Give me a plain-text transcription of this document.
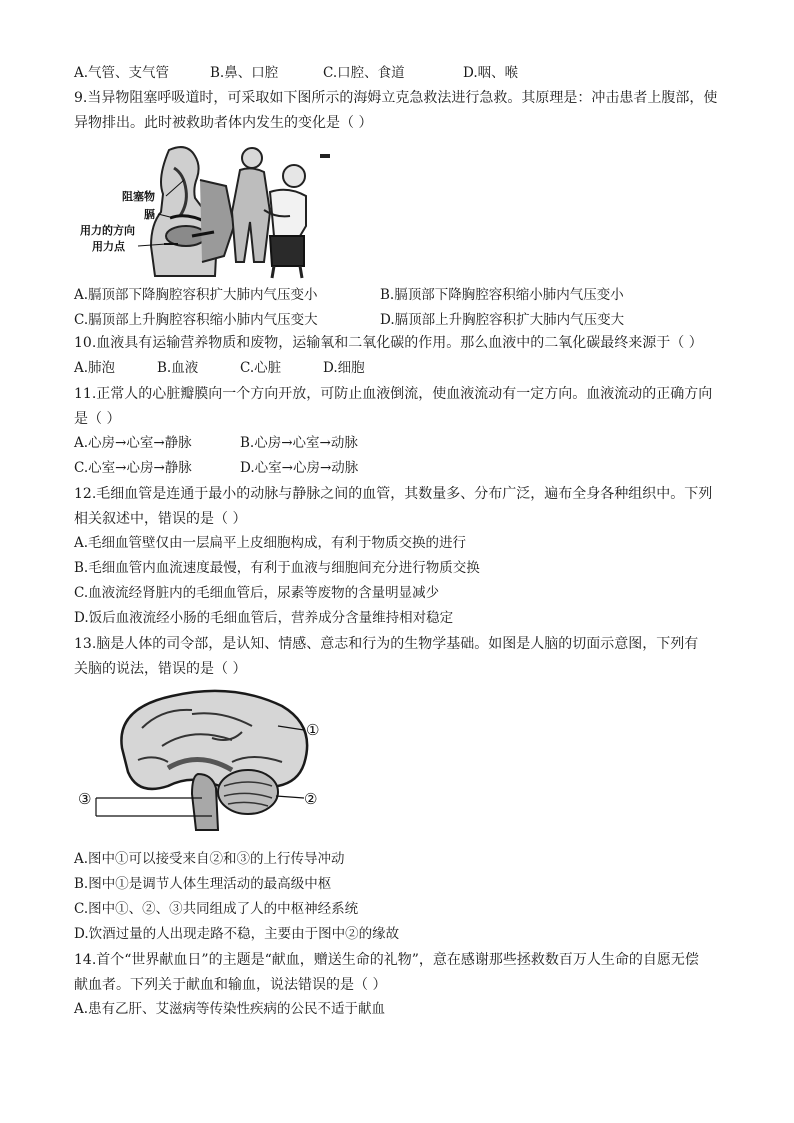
A.气管、支气管	B.鼻、口腔	C.口腔、食道	D.咽、喉
9.当异物阻塞呼吸道时，可采取如下图所示的海姆立克急救法进行急救。其原理是：冲击患者上腹部，使
异物排出。此时被救助者体内发生的变化是（ ）
阻塞物
膈
用力的方向
用力点
A.膈顶部下降胸腔容积扩大肺内气压变小	B.膈顶部下降胸腔容积缩小肺内气压变小
C.膈顶部上升胸腔容积缩小肺内气压变大	D.膈顶部上升胸腔容积扩大肺内气压变大
10.血液具有运输营养物质和废物，运输氧和二氧化碳的作用。那么血液中的二氧化碳最终来源于（ ）
A.肺泡	B.血液	C.心脏	D.细胞
11.正常人的心脏瓣膜向一个方向开放，可防止血液倒流，使血液流动有一定方向。血液流动的正确方向
是（ ）
A.心房→心室→静脉	B.心房→心室→动脉
C.心室→心房→静脉	D.心室→心房→动脉
12.毛细血管是连通于最小的动脉与静脉之间的血管，其数量多、分布广泛，遍布全身各种组织中。下列
相关叙述中，错误的是（ ）
A.毛细血管壁仅由一层扁平上皮细胞构成，有利于物质交换的进行
B.毛细血管内血流速度最慢，有利于血液与细胞间充分进行物质交换
C.血液流经肾脏内的毛细血管后，尿素等废物的含量明显减少
D.饭后血液流经小肠的毛细血管后，营养成分含量维持相对稳定
13.脑是人体的司令部，是认知、情感、意志和行为的生物学基础。如图是人脑的切面示意图，下列有
关脑的说法，错误的是（ ）
①
②
③
A.图中①可以接受来自②和③的上行传导冲动
B.图中①是调节人体生理活动的最高级中枢
C.图中①、②、③共同组成了人的中枢神经系统
D.饮酒过量的人出现走路不稳，主要由于图中②的缘故
14.首个“世界献血日”的主题是“献血，赠送生命的礼物”，意在感谢那些拯救数百万人生命的自愿无偿
献血者。下列关于献血和输血，说法错误的是（ ）
A.患有乙肝、艾滋病等传染性疾病的公民不适于献血
